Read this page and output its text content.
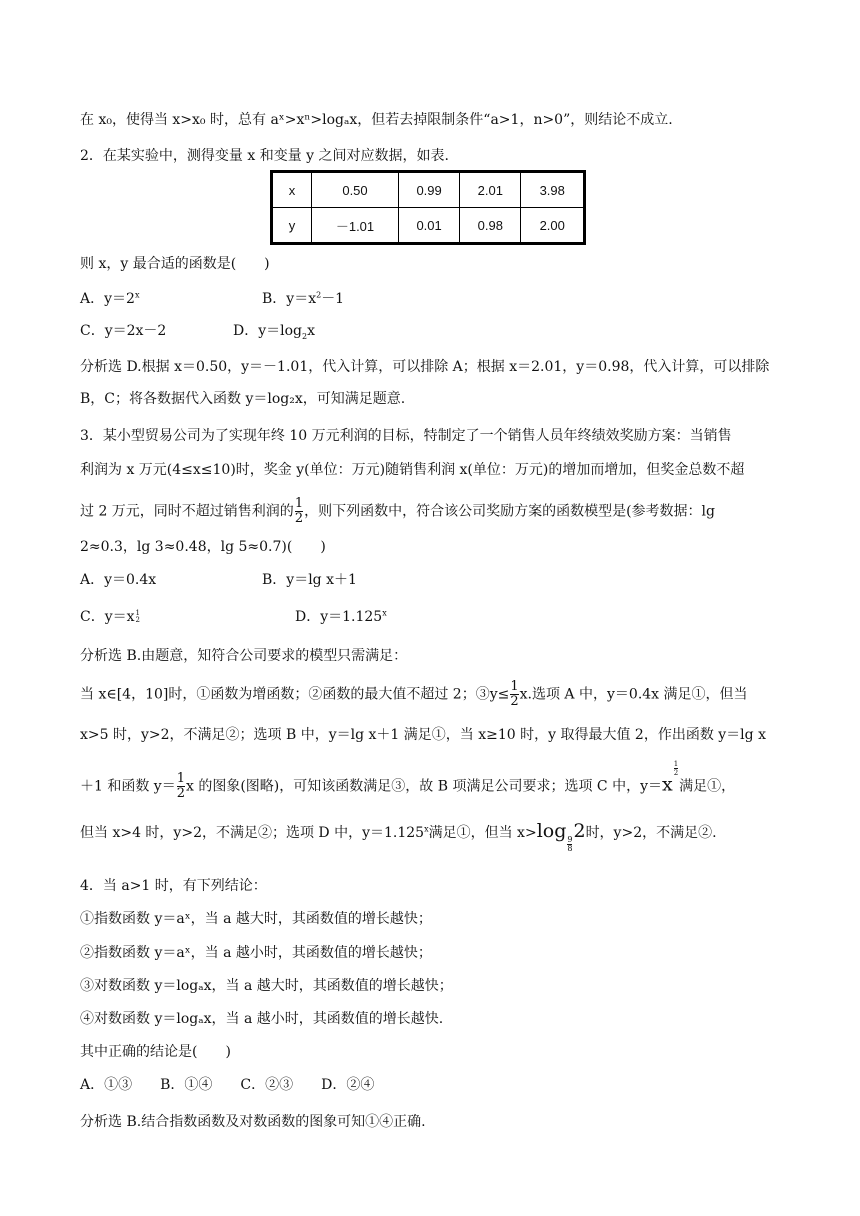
在 x₀，使得当 x>x₀ 时，总有 aˣ>xⁿ>logₐx，但若去掉限制条件“a>1，n>0”，则结论不成立.
2．在某实验中，测得变量 x 和变量 y 之间对应数据，如表.
x	0.50	0.99	2.01	3.98
y	－1.01	0.01	0.98	2.00
则 x，y 最合适的函数是(　　)
A．$y=2^x$	B．$y=x^2-1$
C．y＝2x－2	D．$y=\log_2x$
分析选 D.根据 x＝0.50，y＝－1.01，代入计算，可以排除 A；根据 x＝2.01，y＝0.98，代入计算，可以排除
B，C；将各数据代入函数 y＝log₂x，可知满足题意.
3．某小型贸易公司为了实现年终 10 万元利润的目标，特制定了一个销售人员年终绩效奖励方案：当销售
利润为 x 万元(4≤x≤10)时，奖金 y(单位：万元)随销售利润 x(单位：万元)的增加而增加，但奖金总数不超
过 2 万元，同时不超过销售利润的 $\frac{1}{2}$ ，则下列函数中，符合该公司奖励方案的函数模型是(参考数据：lg
2≈0.3，lg 3≈0.48，lg 5≈0.7)(　　)
A．y＝0.4x	B．y＝lg x＋1
C．y＝x 1
2	D．$y=1.125^x$
分析选 B.由题意，知符合公司要求的模型只需满足：
当 x∈[4，10]时，①函数为增函数；②函数的最大值不超过 2；③y≤ $\frac{1}{2} x$.选项 A 中，y＝0.4x 满足①，但当
x>5 时，y>2，不满足②；选项 B 中，y＝lg x＋1 满足①，当 x≥10 时，y 取得最大值 2，作出函数 y＝lg x
＋1 和函数 $y= \frac{1}{2}$ x 的图象(图略)，可知该函数满足③，故 B 项满足公司要求；选项 C 中，y＝x
$\frac{1}{2}$
满足①，
但当 x>4 时，y>2，不满足②；选项 D 中，$y=1.125^x$满足①，但当 x>log
$\frac{9}{8}$
2时，y>2，不满足②.
4．当 a>1 时，有下列结论：
①指数函数 y＝aˣ，当 a 越大时，其函数值的增长越快；
②指数函数 y＝aˣ，当 a 越小时，其函数值的增长越快；
③对数函数 y＝logₐx，当 a 越大时，其函数值的增长越快；
④对数函数 y＝logₐx，当 a 越小时，其函数值的增长越快.
其中正确的结论是(　　)
A．①③　　B．①④　　C．②③　　D．②④
分析选 B.结合指数函数及对数函数的图象可知①④正确.
